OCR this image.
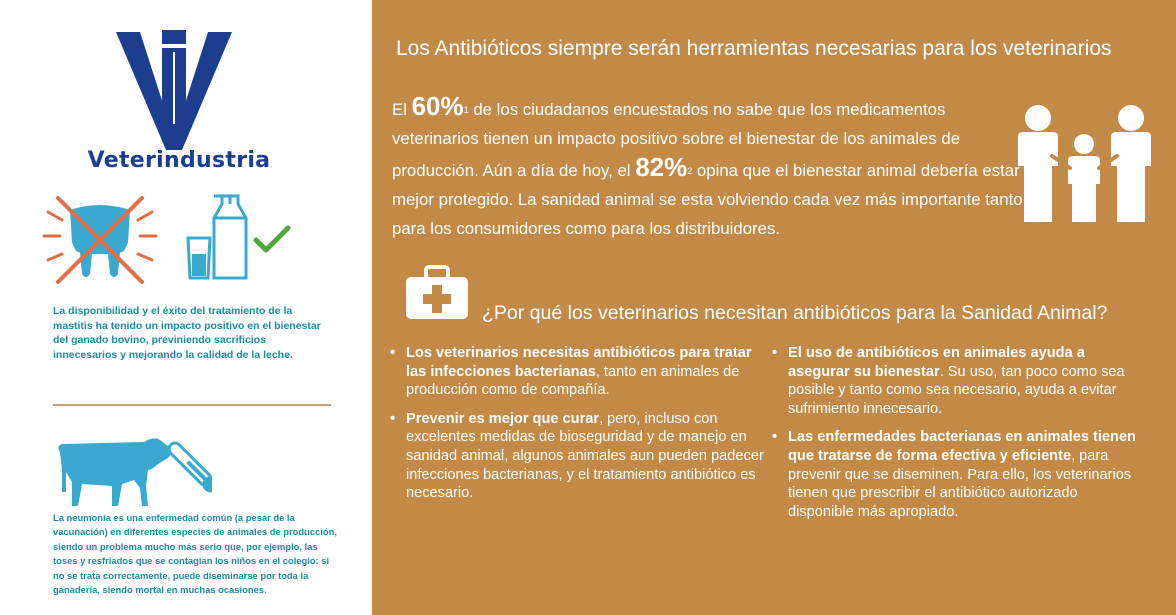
Veterindustria
La disponibilidad y el éxito del tratamiento de la mastitis ha tenido un impacto positivo en el bienestar del ganado bovino, previniendo sacrificios innecesarios y mejorando la calidad de la leche.
La neumonía es una enfermedad común (a pesar de la vacunación) en diferentes especies de animales de producción, siendo un problema mucho más serio que, por ejemplo, las toses y resfriados que se contagian los niños en el colegio: si no se trata correctamente, puede diseminarse por toda la ganadería, siendo mortal en muchas ocasiones.
Los Antibióticos siempre serán herramientas necesarias para los veterinarios
El 60%$^1$ de los ciudadanos encuestados no sabe que los medicamentos veterinarios tienen un impacto positivo sobre el bienestar de los animales de producción. Aún a día de hoy, el 82%$^2$ opina que el bienestar animal debería estar mejor protegido. La sanidad animal se esta volviendo cada vez más importante tanto para los consumidores como para los distribuidores.
¿Por qué los veterinarios necesitan antibióticos para la Sanidad Animal?
• Los veterinarios necesitas antibióticos para tratar las infecciones bacterianas, tanto en animales de producción como de compañía.
• Prevenir es mejor que curar, pero, incluso con excelentes medidas de bioseguridad y de manejo en sanidad animal, algunos animales aun pueden padecer infecciones bacterianas, y el tratamiento antibiótico es necesario.
• El uso de antibióticos en animales ayuda a asegurar su bienestar. Su uso, tan poco como sea posible y tanto como sea necesario, ayuda a evitar sufrimiento innecesario.
• Las enfermedades bacterianas en animales tienen que tratarse de forma efectiva y eficiente, para prevenir que se diseminen. Para ello, los veterinarios tienen que prescribir el antibiótico autorizado disponible más apropiado.
